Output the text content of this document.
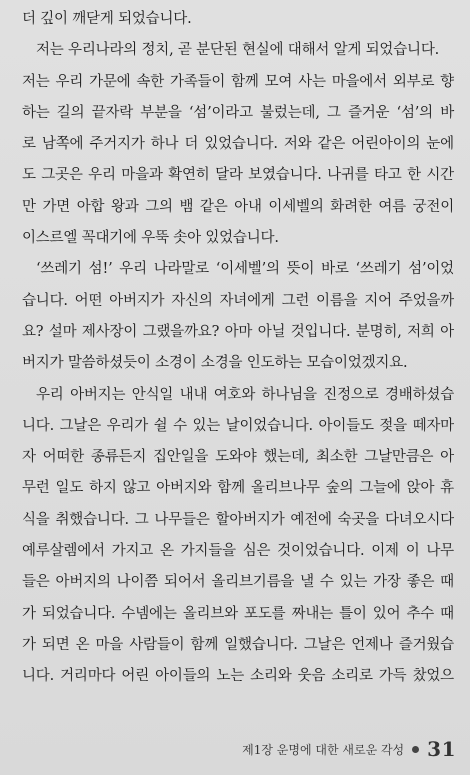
더 깊이 깨닫게 되었습니다.
저는 우리나라의 정치, 곧 분단된 현실에 대해서 알게 되었습니다.
저는 우리 가문에 속한 가족들이 함께 모여 사는 마을에서 외부로 향
하는 길의 끝자락 부분을 ‘섬’이라고 불렀는데, 그 즐거운 ‘섬’의 바
로 남쪽에 주거지가 하나 더 있었습니다. 저와 같은 어린아이의 눈에
도 그곳은 우리 마을과 확연히 달라 보였습니다. 나귀를 타고 한 시간
만 가면 아합 왕과 그의 뱀 같은 아내 이세벨의 화려한 여름 궁전이
이스르엘 꼭대기에 우뚝 솟아 있었습니다.
‘쓰레기 섬!’ 우리 나라말로 ‘이세벨’의 뜻이 바로 ‘쓰레기 섬’이었
습니다. 어떤 아버지가 자신의 자녀에게 그런 이름을 지어 주었을까
요? 설마 제사장이 그랬을까요? 아마 아닐 것입니다. 분명히, 저희 아
버지가 말씀하셨듯이 소경이 소경을 인도하는 모습이었겠지요.
우리 아버지는 안식일 내내 여호와 하나님을 진정으로 경배하셨습
니다. 그날은 우리가 쉴 수 있는 날이었습니다. 아이들도 젖을 떼자마
자 어떠한 종류든지 집안일을 도와야 했는데, 최소한 그날만큼은 아
무런 일도 하지 않고 아버지와 함께 올리브나무 숲의 그늘에 앉아 휴
식을 취했습니다. 그 나무들은 할아버지가 예전에 숙곳을 다녀오시다
예루살렘에서 가지고 온 가지들을 심은 것이었습니다. 이제 이 나무
들은 아버지의 나이쯤 되어서 올리브기름을 낼 수 있는 가장 좋은 때
가 되었습니다. 수넴에는 올리브와 포도를 짜내는 틀이 있어 추수 때
가 되면 온 마을 사람들이 함께 일했습니다. 그날은 언제나 즐거웠습
니다. 거리마다 어린 아이들의 노는 소리와 웃음 소리로 가득 찼었으
제1장 운명에 대한 새로운 각성 31
